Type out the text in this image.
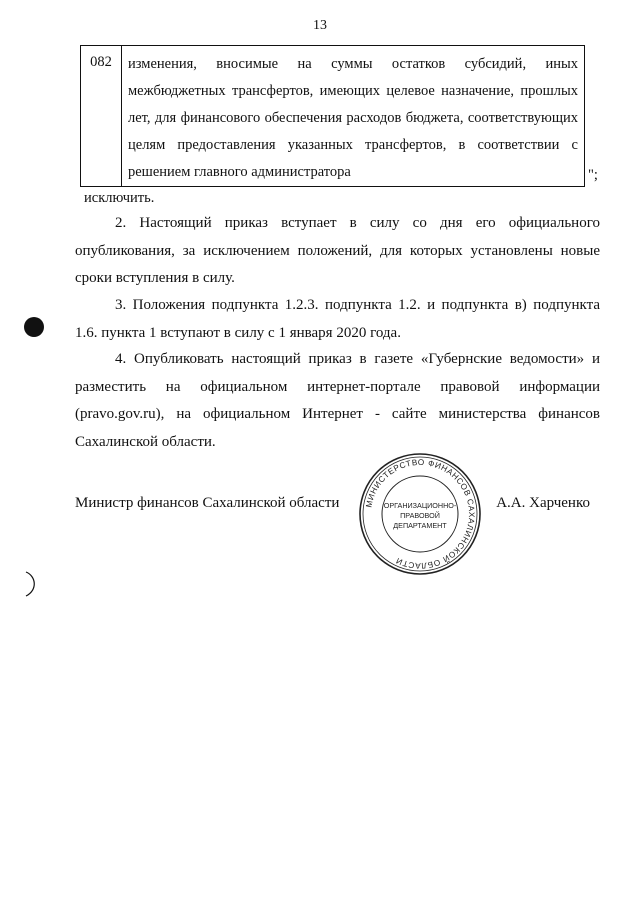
13
082	изменения, вносимые на суммы остатков субсидий, иных межбюджетных трансфертов, имеющих целевое назначение, прошлых лет, для финансового обеспечения расходов бюджета, соответствующих целям предоставления указанных трансфертов, в соответствии с решением главного администратора	";
исключить.

2. Настоящий приказ вступает в силу со дня его официального опубликования, за исключением положений, для которых установлены новые сроки вступления в силу.

3. Положения подпункта 1.2.3. подпункта 1.2. и подпункта в) подпункта 1.6. пункта 1 вступают в силу с 1 января 2020 года.

4. Опубликовать настоящий приказ в газете «Губернские ведомости» и разместить на официальном интернет-портале правовой информации (pravo.gov.ru), на официальном Интернет - сайте министерства финансов Сахалинской области.

Министр финансов Сахалинской области	А.А. Харченко
МИНИСТЕРСТВО ФИНАНСОВ САХАЛИНСКОЙ ОБЛАСТИ
ОРГАНИЗАЦИОННО-
ПРАВОВОЙ
ДЕПАРТАМЕНТ
